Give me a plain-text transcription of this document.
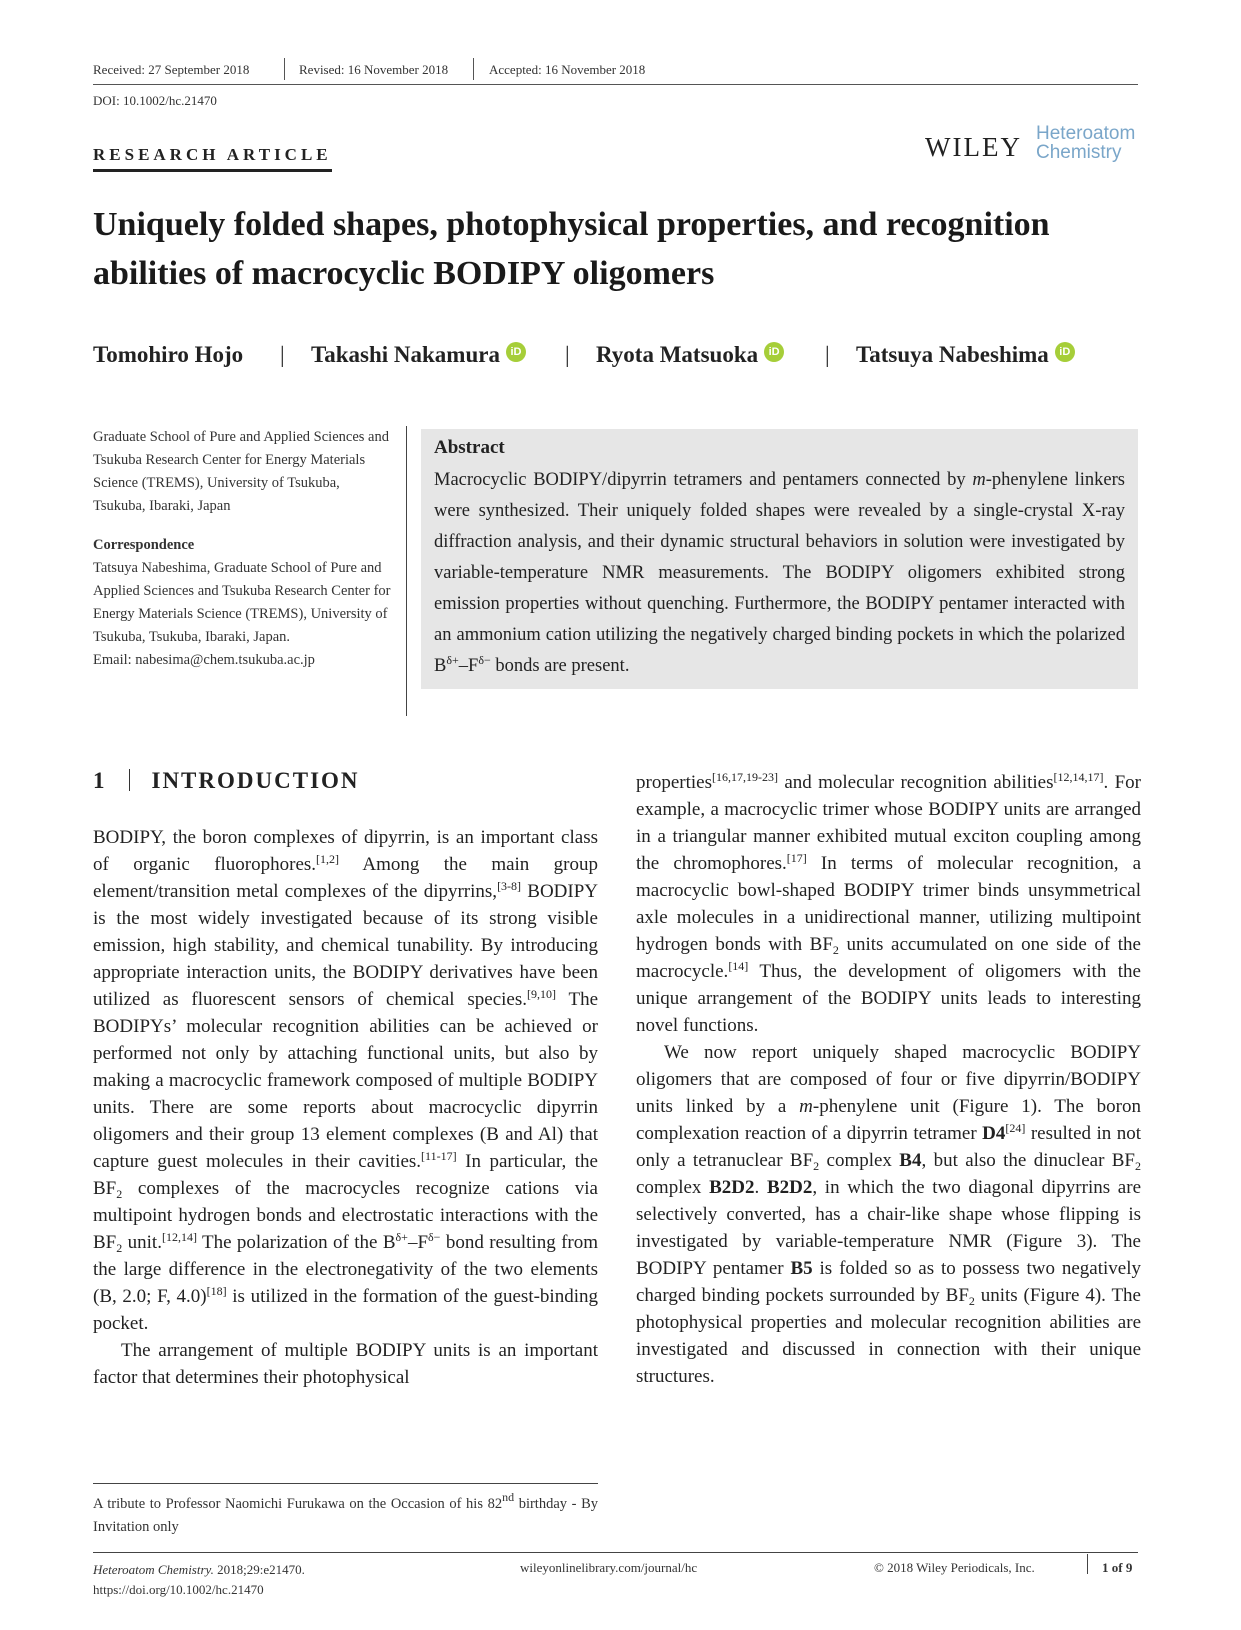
Received: 27 September 2018	Revised: 16 November 2018	Accepted: 16 November 2018
DOI: 10.1002/hc.21470
RESEARCH ARTICLE	WILEY Heteroatom
Chemistry
Uniquely folded shapes, photophysical properties, and recognition abilities of macrocyclic BODIPY oligomers
Tomohiro Hojo | Takashi Nakamura iD | Ryota Matsuoka iD | Tatsuya Nabeshima iD
Graduate School of Pure and Applied Sciences and Tsukuba Research Center for Energy Materials Science (TREMS), University of Tsukuba, Tsukuba, Ibaraki, Japan
Correspondence
Tatsuya Nabeshima, Graduate School of Pure and Applied Sciences and Tsukuba Research Center for Energy Materials Science (TREMS), University of Tsukuba, Tsukuba, Ibaraki, Japan.
Email: nabesima@chem.tsukuba.ac.jp
Abstract
Macrocyclic BODIPY/dipyrrin tetramers and pentamers connected by m-phenylene linkers were synthesized. Their uniquely folded shapes were revealed by a single-crystal X-ray diffraction analysis, and their dynamic structural behaviors in solution were investigated by variable-temperature NMR measurements. The BODIPY oligomers exhibited strong emission properties without quenching. Furthermore, the BODIPY pentamer interacted with an ammonium cation utilizing the negatively charged binding pockets in which the polarized $B^{\delta+}-F^{\delta-}$ bonds are present.
1 INTRODUCTION

BODIPY, the boron complexes of dipyrrin, is an important class of organic fluorophores.[1,2] Among the main group element/transition metal complexes of the dipyrrins,[3-8] BODIPY is the most widely investigated because of its strong visible emission, high stability, and chemical tunability. By introducing appropriate interaction units, the BODIPY derivatives have been utilized as fluorescent sensors of chemical species.[9,10] The BODIPYs’ molecular recognition abilities can be achieved or performed not only by attaching functional units, but also by making a macrocyclic framework composed of multiple BODIPY units. There are some reports about macrocyclic dipyrrin oligomers and their group 13 element complexes (B and Al) that capture guest molecules in their cavities.[11-17] In particular, the $BF_2$ complexes of the macrocycles recognize cations via multipoint hydrogen bonds and electrostatic interactions with the $BF_2$ unit.[12,14] The polarization of the $B^{\delta+}-F^{\delta-}$ bond resulting from the large difference in the electronegativity of the two elements (B, 2.0; F, 4.0)[18] is utilized in the formation of the guest-binding pocket.

The arrangement of multiple BODIPY units is an important factor that determines their photophysical

properties[16,17,19-23] and molecular recognition abilities[12,14,17]. For example, a macrocyclic trimer whose BODIPY units are arranged in a triangular manner exhibited mutual exciton coupling among the chromophores.[17] In terms of molecular recognition, a macrocyclic bowl-shaped BODIPY trimer binds unsymmetrical axle molecules in a unidirectional manner, utilizing multipoint hydrogen bonds with $BF_2$ units accumulated on one side of the macrocycle.[14] Thus, the development of oligomers with the unique arrangement of the BODIPY units leads to interesting novel functions.

We now report uniquely shaped macrocyclic BODIPY oligomers that are composed of four or five dipyrrin/BODIPY units linked by a m-phenylene unit (Figure 1). The boron complexation reaction of a dipyrrin tetramer D4[24] resulted in not only a tetranuclear $BF_2$ complex B4, but also the dinuclear $BF_2$ complex B2D2. B2D2, in which the two diagonal dipyrrins are selectively converted, has a chair-like shape whose flipping is investigated by variable-temperature NMR (Figure 3). The BODIPY pentamer B5 is folded so as to possess two negatively charged binding pockets surrounded by $BF_2$ units (Figure 4). The photophysical properties and molecular recognition abilities are investigated and discussed in connection with their unique structures.

A tribute to Professor Naomichi Furukawa on the Occasion of his 82nd birthday - By Invitation only
Heteroatom Chemistry. 2018;29:e21470.
https://doi.org/10.1002/hc.21470
wileyonlinelibrary.com/journal/hc	© 2018 Wiley Periodicals, Inc.	1 of 9
